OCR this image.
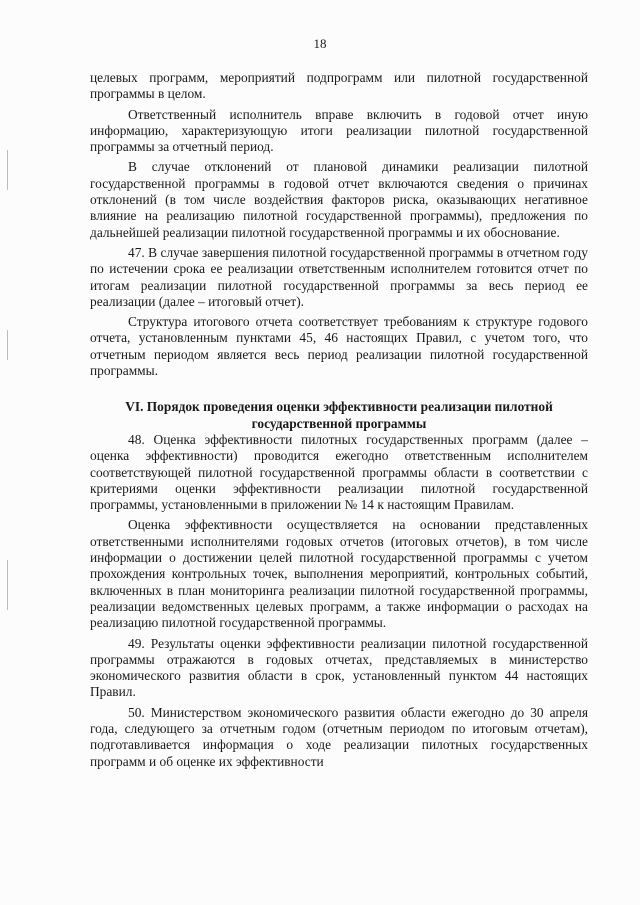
18

целевых программ, мероприятий подпрограмм или пилотной государственной программы в целом.

Ответственный исполнитель вправе включить в годовой отчет иную информацию, характеризующую итоги реализации пилотной государственной программы за отчетный период.

В случае отклонений от плановой динамики реализации пилотной государственной программы в годовой отчет включаются сведения о причинах отклонений (в том числе воздействия факторов риска, оказывающих негативное влияние на реализацию пилотной государственной программы), предложения по дальнейшей реализации пилотной государственной программы и их обоснование.

47. В случае завершения пилотной государственной программы в отчетном году по истечении срока ее реализации ответственным исполнителем готовится отчет по итогам реализации пилотной государственной программы за весь период ее реализации (далее – итоговый отчет).

Структура итогового отчета соответствует требованиям к структуре годового отчета, установленным пунктами 45, 46 настоящих Правил, с учетом того, что отчетным периодом является весь период реализации пилотной государственной программы.

VI. Порядок проведения оценки эффективности реализации пилотной государственной программы

48. Оценка эффективности пилотных государственных программ (далее – оценка эффективности) проводится ежегодно ответственным исполнителем соответствующей пилотной государственной программы области в соответствии с критериями оценки эффективности реализации пилотной государственной программы, установленными в приложении № 14 к настоящим Правилам.

Оценка эффективности осуществляется на основании представленных ответственными исполнителями годовых отчетов (итоговых отчетов), в том числе информации о достижении целей пилотной государственной программы с учетом прохождения контрольных точек, выполнения мероприятий, контрольных событий, включенных в план мониторинга реализации пилотной государственной программы, реализации ведомственных целевых программ, а также информации о расходах на реализацию пилотной государственной программы.

49. Результаты оценки эффективности реализации пилотной государственной программы отражаются в годовых отчетах, представляемых в министерство экономического развития области в срок, установленный пунктом 44 настоящих Правил.

50. Министерством экономического развития области ежегодно до 30 апреля года, следующего за отчетным годом (отчетным периодом по итоговым отчетам), подготавливается информация о ходе реализации пилотных государственных программ и об оценке их эффективности
